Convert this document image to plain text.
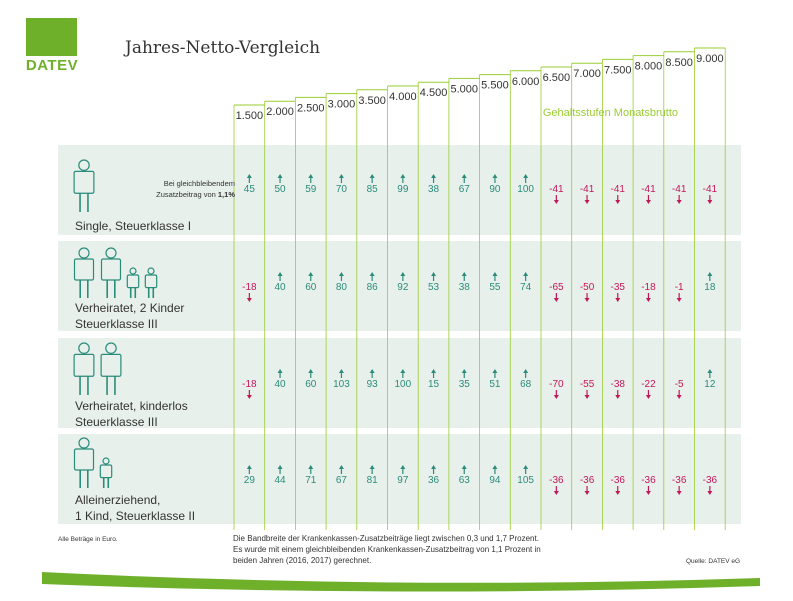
DATEV
Jahres-Netto-Vergleich
1.500 2.000 2.500 3.000 3.500 4.000 4.500 5.000 5.500 6.000 6.500 7.000 7.500 8.000 8.500 9.000
Gehaltsstufen Monatsbrutto
45 50 59 70 85 99 38 67 90 100 -41 -41 -41 -41 -41 -41
-18 40 60 80 86 92 53 38 55 74 -65 -50 -35 -18 -1 18
-18 40 60 103 93 100 15 35 51 68 -70 -55 -38 -22 -5 12
29 44 71 67 81 97 36 63 94 105 -36 -36 -36 -36 -36 -36
Bei gleichbleibendem
Zusatzbeitrag von 1,1%
Single, Steuerklasse I
Verheiratet, 2 Kinder
Steuerklasse III
Verheiratet, kinderlos
Steuerklasse III
Alleinerziehend,
1 Kind, Steuerklasse II
Alle Beträge in Euro.	Die Bandbreite der Krankenkassen-Zusatzbeiträge liegt zwischen 0,3 und 1,7 Prozent.
Es wurde mit einem gleichbleibenden Krankenkassen-Zusatzbeitrag von 1,1 Prozent in
beiden Jahren (2016, 2017) gerechnet.	Quelle: DATEV eG
